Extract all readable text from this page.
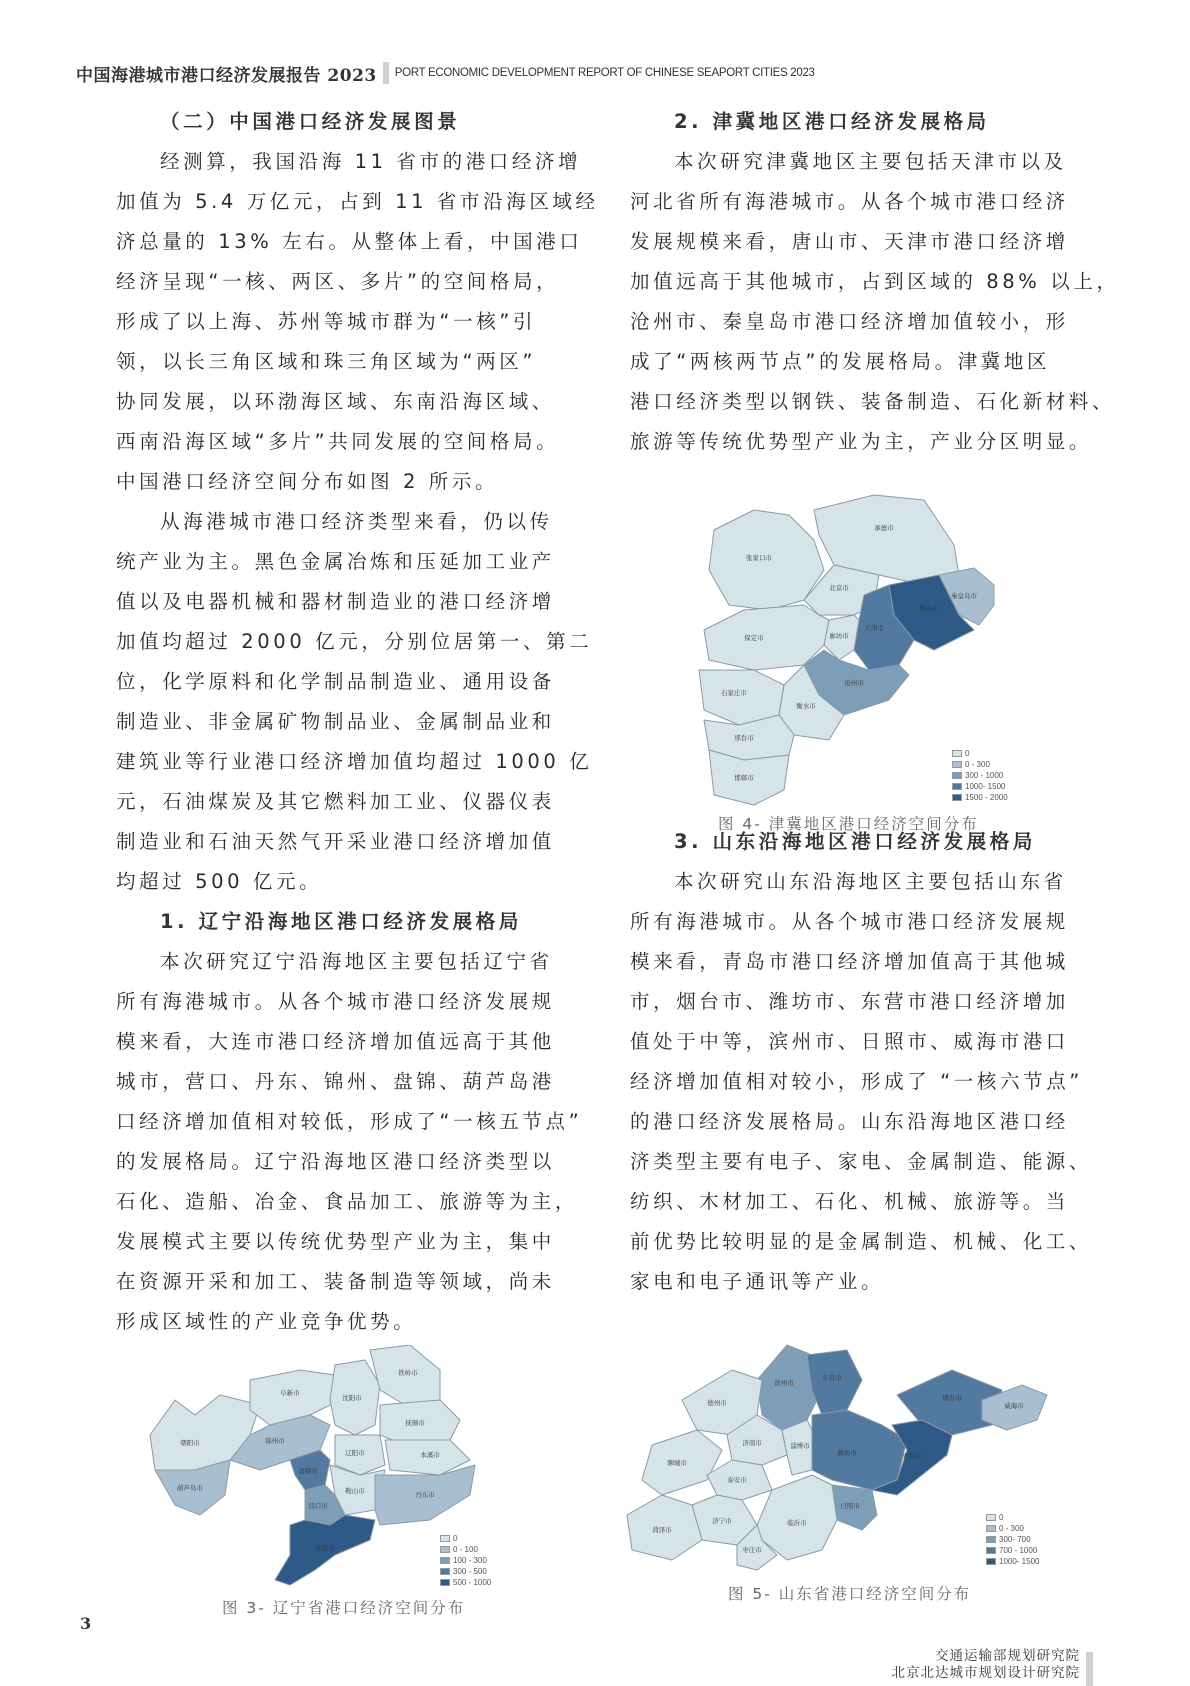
中国海港城市港口经济发展报告 2023 PORT ECONOMIC DEVELOPMENT REPORT OF CHINESE SEAPORT CITIES 2023
（二）中国港口经济发展图景
经测算，我国沿海 11 省市的港口经济增
加值为 5.4 万亿元，占到 11 省市沿海区域经
济总量的 13% 左右。从整体上看，中国港口
经济呈现“一核、两区、多片”的空间格局，
形成了以上海、苏州等城市群为“一核”引
领，以长三角区域和珠三角区域为“两区”
协同发展，以环渤海区域、东南沿海区域、
西南沿海区域“多片”共同发展的空间格局。
中国港口经济空间分布如图 2 所示。
从海港城市港口经济类型来看，仍以传
统产业为主。黑色金属冶炼和压延加工业产
值以及电器机械和器材制造业的港口经济增
加值均超过 2000 亿元，分别位居第一、第二
位，化学原料和化学制品制造业、通用设备
制造业、非金属矿物制品业、金属制品业和
建筑业等行业港口经济增加值均超过 1000 亿
元，石油煤炭及其它燃料加工业、仪器仪表
制造业和石油天然气开采业港口经济增加值
均超过 500 亿元。
1. 辽宁沿海地区港口经济发展格局
本次研究辽宁沿海地区主要包括辽宁省
所有海港城市。从各个城市港口经济发展规
模来看，大连市港口经济增加值远高于其他
城市，营口、丹东、锦州、盘锦、葫芦岛港
口经济增加值相对较低，形成了“一核五节点”
的发展格局。辽宁沿海地区港口经济类型以
石化、造船、冶金、食品加工、旅游等为主，
发展模式主要以传统优势型产业为主，集中
在资源开采和加工、装备制造等领域，尚未
形成区域性的产业竞争优势。
2. 津冀地区港口经济发展格局
本次研究津冀地区主要包括天津市以及
河北省所有海港城市。从各个城市港口经济
发展规模来看，唐山市、天津市港口经济增
加值远高于其他城市，占到区域的 88% 以上，
沧州市、秦皇岛市港口经济增加值较小，形
成了“两核两节点”的发展格局。津冀地区
港口经济类型以钢铁、装备制造、石化新材料、
旅游等传统优势型产业为主，产业分区明显。
3. 山东沿海地区港口经济发展格局
本次研究山东沿海地区主要包括山东省
所有海港城市。从各个城市港口经济发展规
模来看，青岛市港口经济增加值高于其他城
市，烟台市、潍坊市、东营市港口经济增加
值处于中等，滨州市、日照市、威海市港口
经济增加值相对较小，形成了 “一核六节点”
的港口经济发展格局。山东沿海地区港口经
济类型主要有电子、家电、金属制造、能源、
纺织、木材加工、石化、机械、旅游等。当
前优势比较明显的是金属制造、机械、化工、
家电和电子通讯等产业。
张家口市
承德市
北京市
秦皇岛市
唐山市
天津市
廊坊市
保定市
沧州市
石家庄市
衡水市
邢台市
邯郸市
0
0 - 300
300 - 1000
1000- 1500
1500 - 2000
图 4- 津冀地区港口经济空间分布
朝阳市
阜新市
沈阳市
铁岭市
抚顺市
锦州市
盘锦市
辽阳市	本溪市
葫芦岛市	鞍山市
营口市
丹东市
大连市
0
0 - 100
100 - 300
300 - 500
500 - 1000
图 3- 辽宁省港口经济空间分布
滨州市
东营市
德州市
烟台市
威海市
济南市	淄博市
潍坊市	青岛市
聊城市
泰安市
日照市
济宁市
菏泽市
临沂市
枣庄市
0
0 - 300
300- 700
700 - 1000
1000- 1500
图 5- 山东省港口经济空间分布
3
交通运输部规划研究院
北京北达城市规划设计研究院
